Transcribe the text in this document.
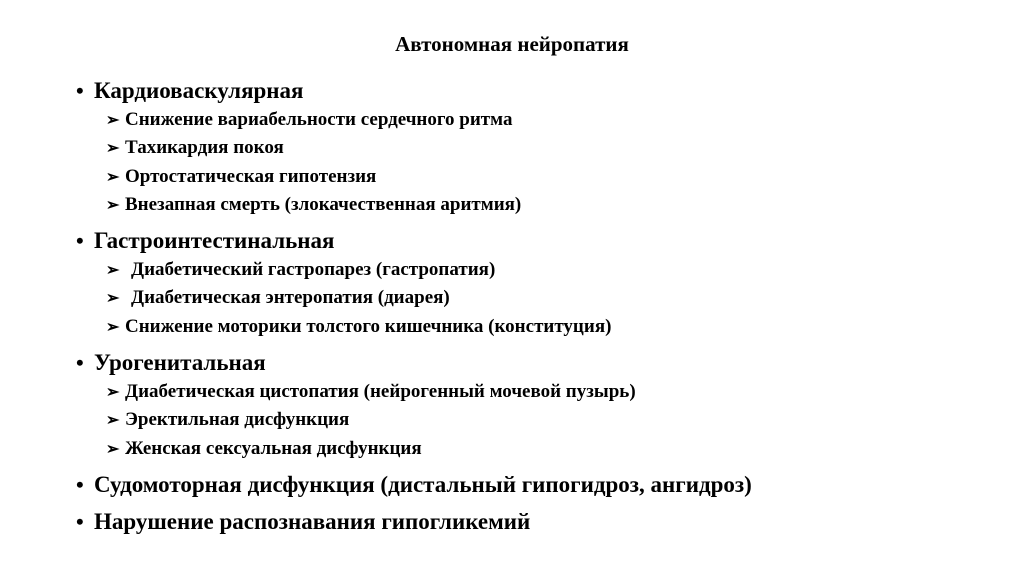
Автономная нейропатия
• Кардиоваскулярная
➢ Снижение вариабельности сердечного ритма
➢ Тахикардия покоя
➢ Ортостатическая гипотензия
➢ Внезапная смерть (злокачественная аритмия)
• Гастроинтестинальная
➢ Диабетический гастропарез (гастропатия)
➢ Диабетическая энтеропатия (диарея)
➢ Снижение моторики толстого кишечника (конституция)
• Урогенитальная
➢ Диабетическая цистопатия (нейрогенный мочевой пузырь)
➢ Эректильная дисфункция
➢ Женская сексуальная дисфункция
• Судомоторная дисфункция (дистальный гипогидроз, ангидроз)
• Нарушение распознавания гипогликемий
